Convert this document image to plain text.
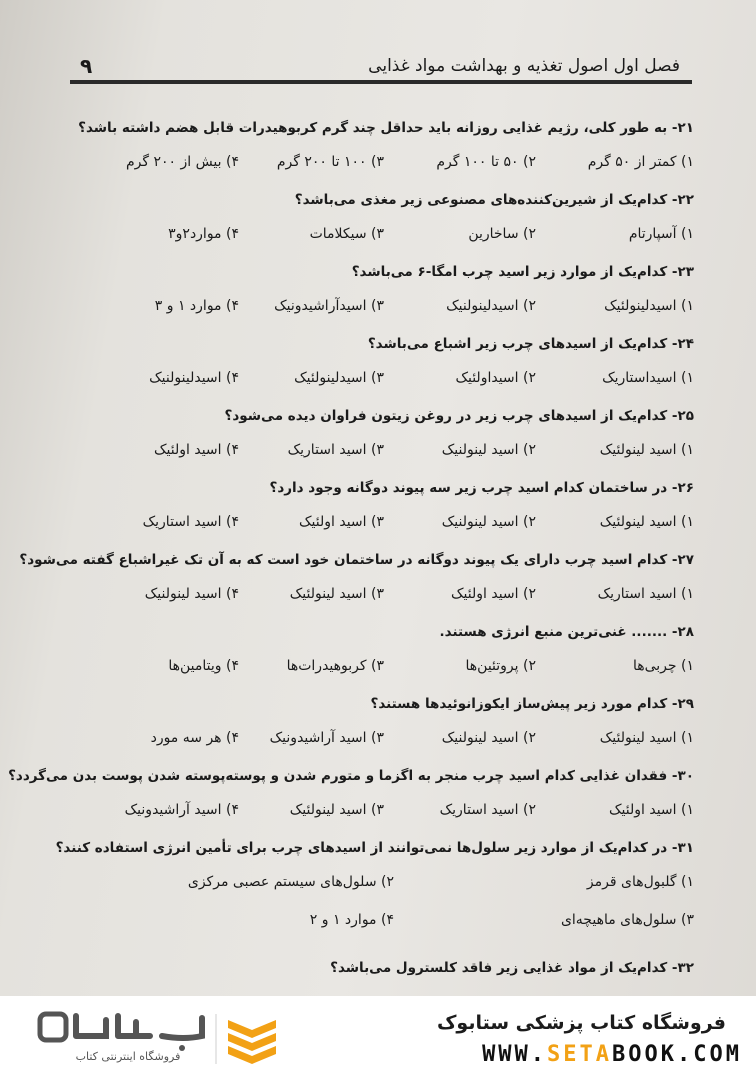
فصل اول اصول تغذیه و بهداشت مواد غذایی
۹
۲۱- به طور کلی، رژیم غذایی روزانه باید حداقل چند گرم کربوهیدرات قابل هضم داشته باشد؟
۱) کمتر از ۵۰ گرم
۲) ۵۰ تا ۱۰۰ گرم
۳) ۱۰۰ تا ۲۰۰ گرم
۴) بیش از ۲۰۰ گرم
۲۲- کدام‌یک از شیرین‌کننده‌های مصنوعی زیر مغذی می‌باشد؟
۱) آسپارتام
۲) ساخارین
۳) سیکلامات
۴) موارد۲و۳
۲۳- کدام‌یک از موارد زیر اسید چرب امگا-۶ می‌باشد؟
۱) اسیدلینولئیک
۲) اسیدلینولنیک
۳) اسیدآراشیدونیک
۴) موارد ۱ و ۳
۲۴- کدام‌یک از اسیدهای چرب زیر اشباع می‌باشد؟
۱) اسیداستاریک
۲) اسیداولئیک
۳) اسیدلینولئیک
۴) اسیدلینولنیک
۲۵- کدام‌یک از اسیدهای چرب زیر در روغن زیتون فراوان دیده می‌شود؟
۱) اسید لینولئیک
۲) اسید لینولنیک
۳) اسید استاریک
۴) اسید اولئیک
۲۶- در ساختمان کدام اسید چرب زیر سه پیوند دوگانه وجود دارد؟
۱) اسید لینولئیک
۲) اسید لینولنیک
۳) اسید اولئیک
۴) اسید استاریک
۲۷- کدام اسید چرب دارای یک پیوند دوگانه در ساختمان خود است که به آن تک غیراشباع گفته می‌شود؟
۱) اسید استاریک
۲) اسید اولئیک
۳) اسید لینولئیک
۴) اسید لینولنیک
۲۸- ....... غنی‌ترین منبع انرژی هستند.
۱) چربی‌ها
۲) پروتئین‌ها
۳) کربوهیدرات‌ها
۴) ویتامین‌ها
۲۹- کدام مورد زیر پیش‌ساز ایکوزانوئیدها هستند؟
۱) اسید لینولئیک
۲) اسید لینولنیک
۳) اسید آراشیدونیک
۴) هر سه مورد
۳۰- فقدان غذایی کدام اسید چرب منجر به اگزما و متورم شدن و پوسته‌پوسته شدن پوست بدن می‌گردد؟
۱) اسید اولئیک
۲) اسید استاریک
۳) اسید لینولئیک
۴) اسید آراشیدونیک
۳۱- در کدام‌یک از موارد زیر سلول‌ها نمی‌توانند از اسیدهای چرب برای تأمین انرژی استفاده کنند؟
۱) گلبول‌های قرمز
۲) سلول‌های سیستم عصبی مرکزی
۳) سلول‌های ماهیچه‌ای
۴) موارد ۱ و ۲
۳۲- کدام‌یک از مواد غذایی زیر فاقد کلسترول می‌باشد؟
فروشگاه اینترنتی کتاب
فروشگاه کتاب پزشکی ستابوک
WWW.SETABOOK.COM
